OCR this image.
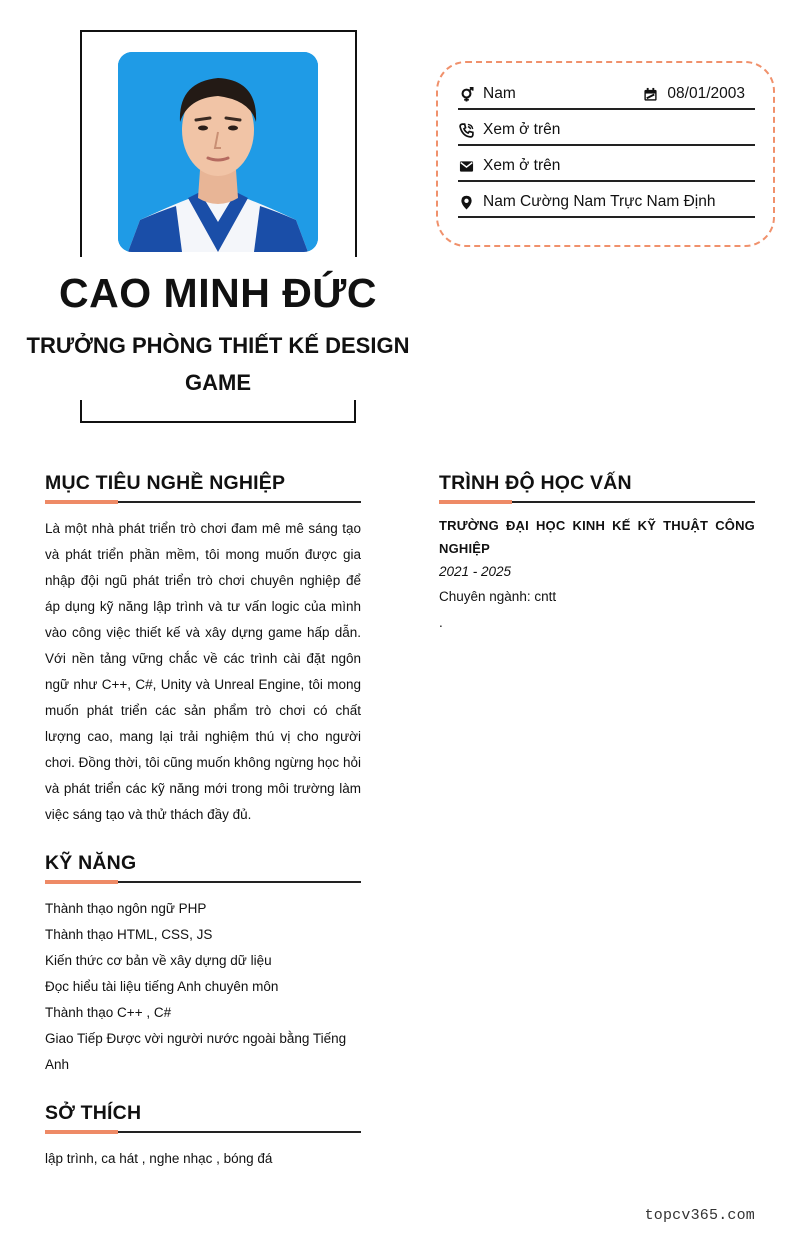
CAO MINH ĐỨC
TRƯỞNG PHÒNG THIẾT KẾ DESIGN GAME
Nam	08/01/2003
Xem ở trên
Xem ở trên
Nam Cường Nam Trực Nam Định
MỤC TIÊU NGHỀ NGHIỆP
Là một nhà phát triển trò chơi đam mê mê sáng tạo và phát triển phần mềm, tôi mong muốn được gia nhập đội ngũ phát triển trò chơi chuyên nghiệp để áp dụng kỹ năng lập trình và tư vấn logic của mình vào công việc thiết kế và xây dựng game hấp dẫn. Với nền tảng vững chắc về các trình cài đặt ngôn ngữ như C++, C#, Unity và Unreal Engine, tôi mong muốn phát triển các sản phẩm trò chơi có chất lượng cao, mang lại trải nghiệm thú vị cho người chơi. Đồng thời, tôi cũng muốn không ngừng học hỏi và phát triển các kỹ năng mới trong môi trường làm việc sáng tạo và thử thách đầy đủ.
KỸ NĂNG
Thành thạo ngôn ngữ PHP
Thành thạo HTML, CSS, JS
Kiến thức cơ bản về xây dựng dữ liệu
Đọc hiểu tài liệu tiếng Anh chuyên môn
Thành thạo C++ , C#
Giao Tiếp Được vời người nước ngoài bằng Tiếng Anh
SỞ THÍCH
lập trình, ca hát , nghe nhạc , bóng đá
TRÌNH ĐỘ HỌC VẤN
TRƯỜNG ĐẠI HỌC KINH KẾ KỸ THUẬT CÔNG NGHIỆP
2021 - 2025
Chuyên ngành: cntt
.
topcv365.com
